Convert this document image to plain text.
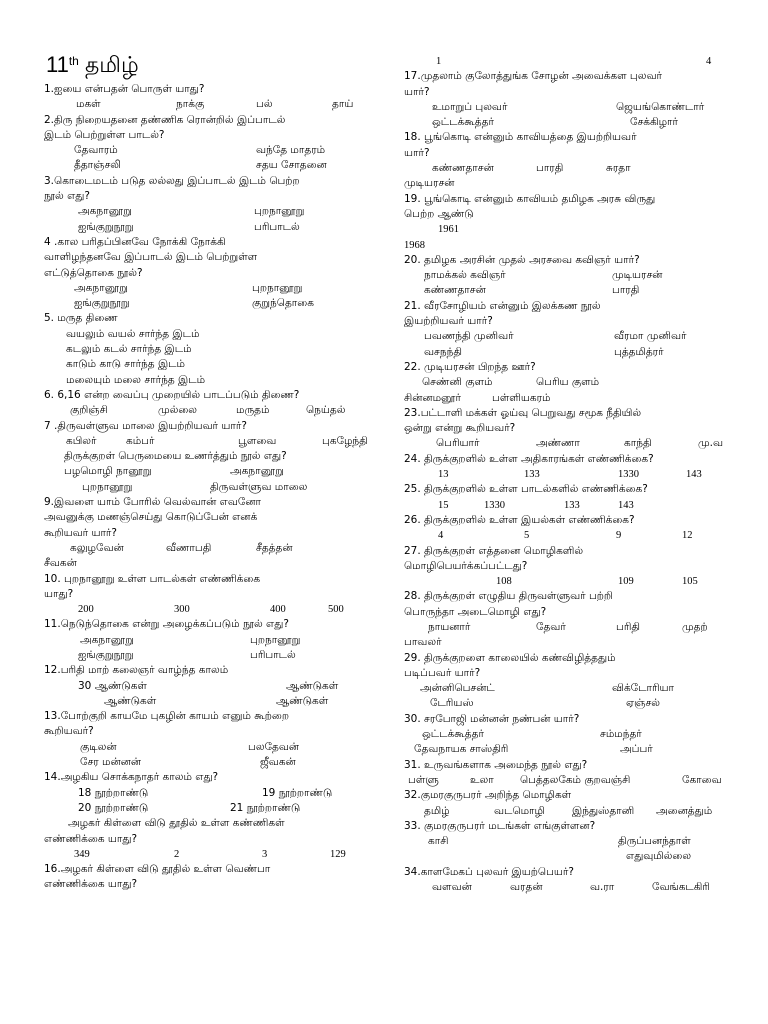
11th தமிழ்
1.ஐயை என்பதன் பொருள் யாது?
மகள்	நாக்கு	பல்	தாய்
2.திரு நிறையதனை தண்ணிக ரொன்றில் இப்பாடல்
இடம் பெற்றுள்ள பாடல்?
தேவாரம்	வந்தே மாதரம்
தீதாஞ்சலி	சதய சோதனை
3.கொடைமடம் படுத லல்லது இப்பாடல் இடம் பெற்ற
நூல் எது?
அகநானூறு	புறநானூறு
ஐங்குறுநூறு	பரிபாடல்
4 .கால பரிதப்பினவே நோக்கி நோக்கி
வாளிழந்தனவே இப்பாடல் இடம் பெற்றுள்ள
எட்டுத்தொகை நூல்?
அகநானூறு	புறநானூறு
ஐங்குறுநூறு	குறுந்தொகை
5. மருத திணை
வயலும் வயல் சார்ந்த இடம்
கடலும் கடல் சார்ந்த இடம்
காடும் காடு சார்ந்த இடம்
மலையும் மலை சார்ந்த இடம்
6. 6,16 என்ற வைப்பு முறையில் பாடப்படும் திணை?
குறிஞ்சி	முல்லை	மருதம்	நெய்தல்
7 .திருவள்ளுவ மாலை இயற்றியவர் யார்?
கபிலர்	கம்பர்	பூளவை	புகழேந்தி
திருக்குறள் பெருமையை உணர்த்தும் நூல் எது?
பழமொழி நானூறு	அகநானூறு
புறநானூறு	திருவள்ளுவ மாலை
9.இவளை யாம் போரில் வெல்வான் எவனோ
அவனுக்கு மணஞ்செய்து கொடுப்பேன் எனக்
கூறியவர் யார்?
கலுழவேன்	வீணாபதி	சீதத்தன்
சீவகன்
10. புறநானூறு உள்ள பாடல்கள் எண்ணிக்கை
யாது?
200	300	400	500
11.நெடுந்தொகை என்று அழைக்கப்படும் நூல் எது?
அகநானூறு	புறநானூறு
ஐங்குறுநூறு	பரிபாடல்
12.பரிதி மாற் கலைஞர் வாழ்ந்த காலம்
30 ஆண்டுகள்	ஆண்டுகள்
ஆண்டுகள்	ஆண்டுகள்
13.போற்குறி காயமே புகழின் காயம் எனும் கூற்றை
கூறியவர்?
குடிலன்	பலதேவன்
சேர மன்னன்	ஜீவகன்
14.அழகிய சொக்கநாதர் காலம் எது?
18 நூற்றாண்டு	19 நூற்றாண்டு
20 நூற்றாண்டு	21 நூற்றாண்டு
அழகர் கிள்ளை விடு தூதில் உள்ள கண்ணிகள்
எண்ணிக்கை யாது?
349	2	3	129
16.அழகர் கிள்ளை விடு தூதில் உள்ள வெண்பா
எண்ணிக்கை யாது?
1	4
17.முதலாம் குலோத்துங்க சோழன் அவைக்கள புலவர்
யார்?
உமாறுப் புலவர்	ஜெயங்கொண்டார்
ஒட்டக்கூத்தர்	சேக்கிழார்
18. பூங்கொடி என்னும் காவியத்தை இயற்றியவர்
யார்?
கண்ணதாசன்	பாரதி	சுரதா
முடியரசன்
19. பூங்கொடி என்னும் காவியம் தமிழக அரசு விருது
பெற்ற ஆண்டு
1961
1968
20. தமிழக அரசின் முதல் அரசவை கவிஞர் யார்?
நாமக்கல் கவிஞர்	முடியரசன்
கண்ணதாசன்	பாரதி
21. வீரசோழியம் என்னும் இலக்கண நூல்
இயற்றியவர் யார்?
பவணந்தி முனிவர்	வீரமா முனிவர்
வசநந்தி	புத்தமித்ரர்
22. முடியரசன் பிறந்த ஊர்?
செண்னி குளம்	பெரிய குளம்
சின்னமனூர்	பள்ளியகரம்
23.பட்டாளி மக்கள் ஓய்வு பெறுவது சமூக நீதியில்
ஒன்று என்று கூறியவர்?
பெரியார்	அண்ணா	காந்தி	மு.வ
24. திருக்குறளில் உள்ள அதிகாரங்கள் எண்ணிக்கை?
13	133	1330	143
25. திருக்குறளில் உள்ள பாடல்களில் எண்ணிக்கை?
15	1330	133	143
26. திருக்குறளில் உள்ள இயல்கள் எண்ணிக்கை?
4	5	9	12
27. திருக்குறள் எத்தனை மொழிகளில்
மொழிபெயர்க்கப்பட்டது?
108	109	105
28. திருக்குறள் எழுதிய திருவள்ளுவர் பற்றி
பொருந்தா அடைமொழி எது?
நாயனார்	தேவர்	பரிதி	முதற்
பாவலர்
29. திருக்குறளை காலையில் கண்விழித்ததும்
படிப்பவர் யார்?
அன்னிபெசன்ட்	விக்டோரியா
டேரியஸ்	ஏஞ்சல்
30. சரபோஜி மன்னன் நண்பன் யார்?
ஒட்டக்கூத்தர்	சம்மந்தர்
தேவநாயக சாஸ்திரி	அப்பர்
31. உருவங்களாக அமைந்த நூல் எது?
பள்ளு	உலா	பெத்தலகேம் குறவஞ்சி	கோவை
32.குமரகுருபரர் அறிந்த மொழிகள்
தமிழ்	வடமொழி	இந்துஸ்தானி அனைத்தும்
33. குமரகுருபரர் மடங்கள் எங்குள்ளன?
காசி	திருப்பனந்தாள்
எதுவுமில்லை
34.காளமேகப் புலவர் இயற்பெயர்?
வளவன்	வரதன்	வ.ரா	வேங்கடகிரி
